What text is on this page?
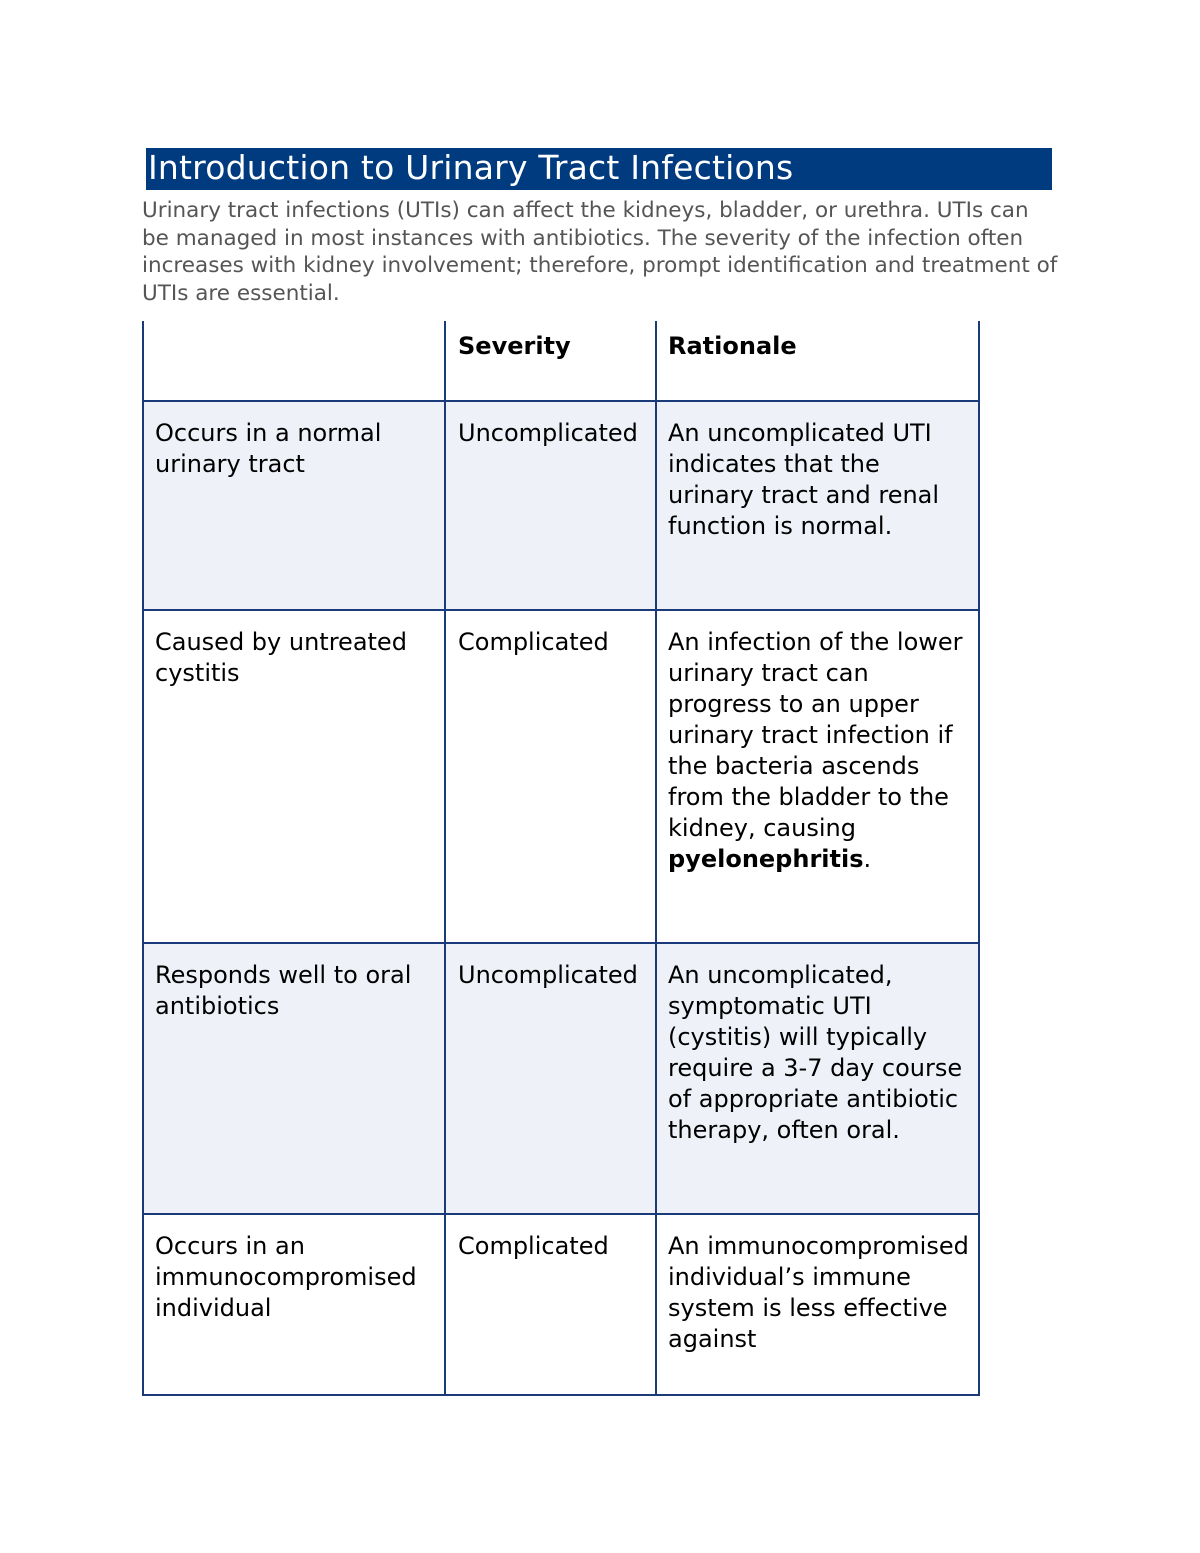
Introduction to Urinary Tract Infections

Urinary tract infections (UTIs) can affect the kidneys, bladder, or urethra. UTIs can be managed in most instances with antibiotics. The severity of the infection often increases with kidney involvement; therefore, prompt identification and treatment of UTIs are essential.

	Severity	Rationale
Occurs in a normal urinary tract	Uncomplicated	An uncomplicated UTI indicates that the urinary tract and renal function is normal.
Caused by untreated cystitis	Complicated	An infection of the lower urinary tract can progress to an upper urinary tract infection if the bacteria ascends from the bladder to the kidney, causing pyelonephritis.
Responds well to oral antibiotics	Uncomplicated	An uncomplicated, symptomatic UTI (cystitis) will typically require a 3-7 day course of appropriate antibiotic therapy, often oral.
Occurs in an immunocompromised individual	Complicated	An immunocompromised individual’s immune system is less effective against
